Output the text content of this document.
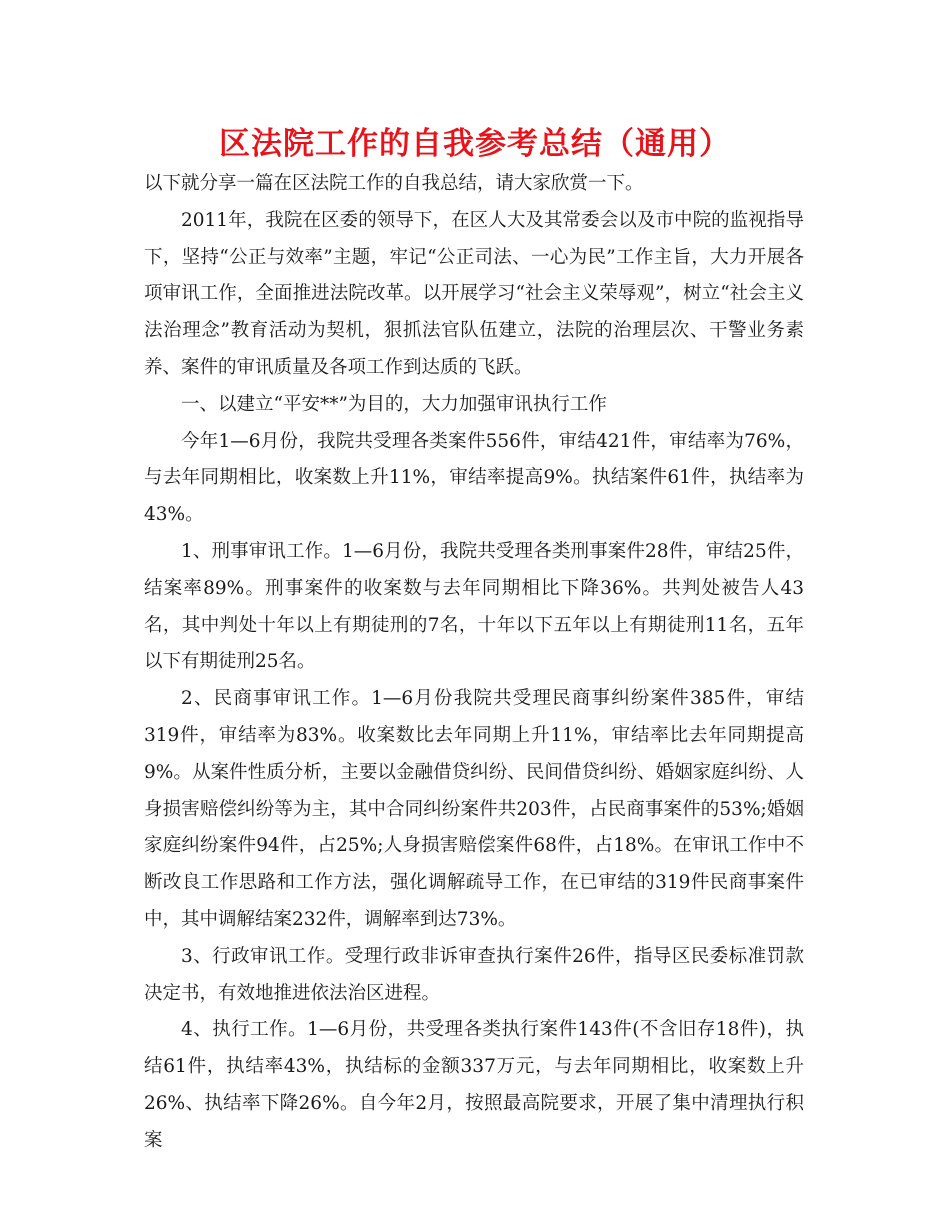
区法院工作的自我参考总结（通用）

以下就分享一篇在区法院工作的自我总结，请大家欣赏一下。

2011年，我院在区委的领导下，在区人大及其常委会以及市中院的监视指导下，坚持“公正与效率”主题，牢记“公正司法、一心为民”工作主旨，大力开展各项审讯工作，全面推进法院改革。以开展学习“社会主义荣辱观”，树立“社会主义法治理念”教育活动为契机，狠抓法官队伍建立，法院的治理层次、干警业务素养、案件的审讯质量及各项工作到达质的飞跃。

一、以建立“平安**”为目的，大力加强审讯执行工作

今年1—6月份，我院共受理各类案件556件，审结421件，审结率为76%，与去年同期相比，收案数上升11%，审结率提高9%。执结案件61件，执结率为43%。

1、刑事审讯工作。1—6月份，我院共受理各类刑事案件28件，审结25件，结案率89%。刑事案件的收案数与去年同期相比下降36%。共判处被告人43名，其中判处十年以上有期徒刑的7名，十年以下五年以上有期徒刑11名，五年以下有期徒刑25名。

2、民商事审讯工作。1—6月份我院共受理民商事纠纷案件385件，审结319件，审结率为83%。收案数比去年同期上升11%，审结率比去年同期提高9%。从案件性质分析，主要以金融借贷纠纷、民间借贷纠纷、婚姻家庭纠纷、人身损害赔偿纠纷等为主，其中合同纠纷案件共203件，占民商事案件的53%;婚姻家庭纠纷案件94件，占25%;人身损害赔偿案件68件，占18%。在审讯工作中不断改良工作思路和工作方法，强化调解疏导工作，在已审结的319件民商事案件中，其中调解结案232件，调解率到达73%。

3、行政审讯工作。受理行政非诉审查执行案件26件，指导区民委标准罚款决定书，有效地推进依法治区进程。

4、执行工作。1—6月份，共受理各类执行案件143件(不含旧存18件)，执结61件，执结率43%，执结标的金额337万元，与去年同期相比，收案数上升26%、执结率下降26%。自今年2月，按照最高院要求，开展了集中清理执行积案
